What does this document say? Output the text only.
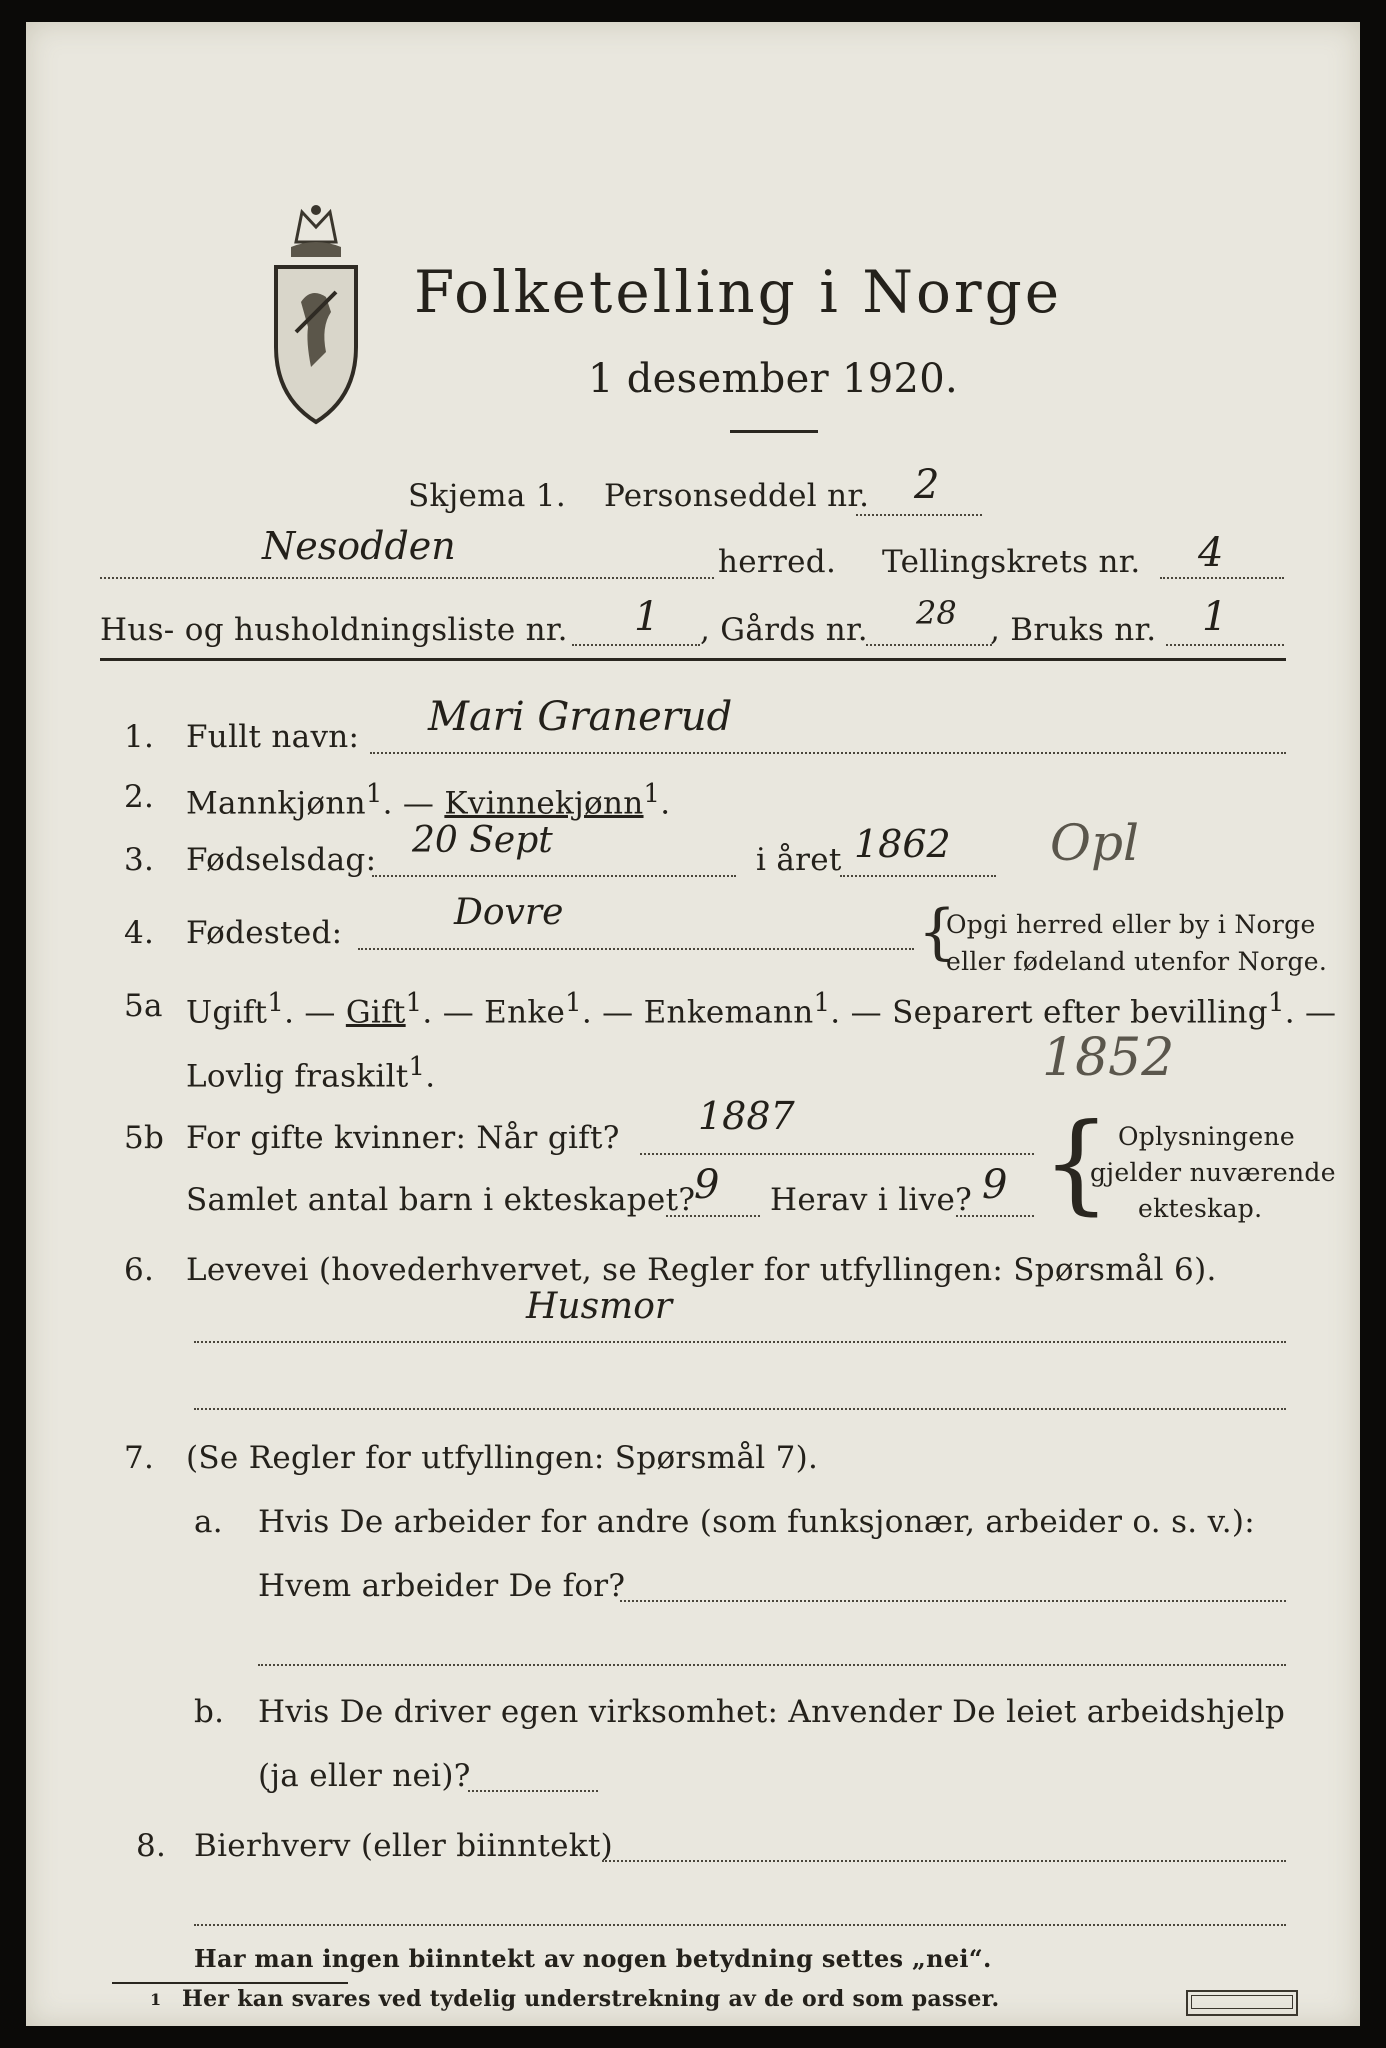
Folketelling i Norge
1 desember 1920.
Skjema 1. Personseddel nr. 2
Nesodden	herred. Tellingskrets nr. 4
Hus- og husholdningsliste nr. 1 , Gårds nr. 28 , Bruks nr. 1
1. Fullt navn: Mari Granerud
2. Mannkjønn$^1$. — Kvinnekjønn$^1$.
3. Fødselsdag: 20 Sept	i året 1862 Opl
4. Fødested:	Dovre	{
Opgi herred eller by i Norge
eller fødeland utenfor Norge.
5a Ugift$^1$. — Gift$^1$. — Enke$^1$. — Enkemann$^1$. — Separert efter bevilling$^1$. —
Lovlig fraskilt$^1$.	1852
5b For gifte kvinner: Når gift? 1887
Samlet antal barn i ekteskapet?
9 Herav i live? 9 { Oplysningene
gjelder nuværende
ekteskap.
6. Levevei (hovederhvervet, se Regler for utfyllingen: Spørsmål 6).
Husmor
7. (Se Regler for utfyllingen: Spørsmål 7).
a. Hvis De arbeider for andre (som funksjonær, arbeider o. s. v.):
Hvem arbeider De for?
b. Hvis De driver egen virksomhet: Anvender De leiet arbeidshjelp
(ja eller nei)?
8. Bierhverv (eller biinntekt)
Har man ingen biinntekt av nogen betydning settes „nei“.
1 Her kan svares ved tydelig understrekning av de ord som passer.
